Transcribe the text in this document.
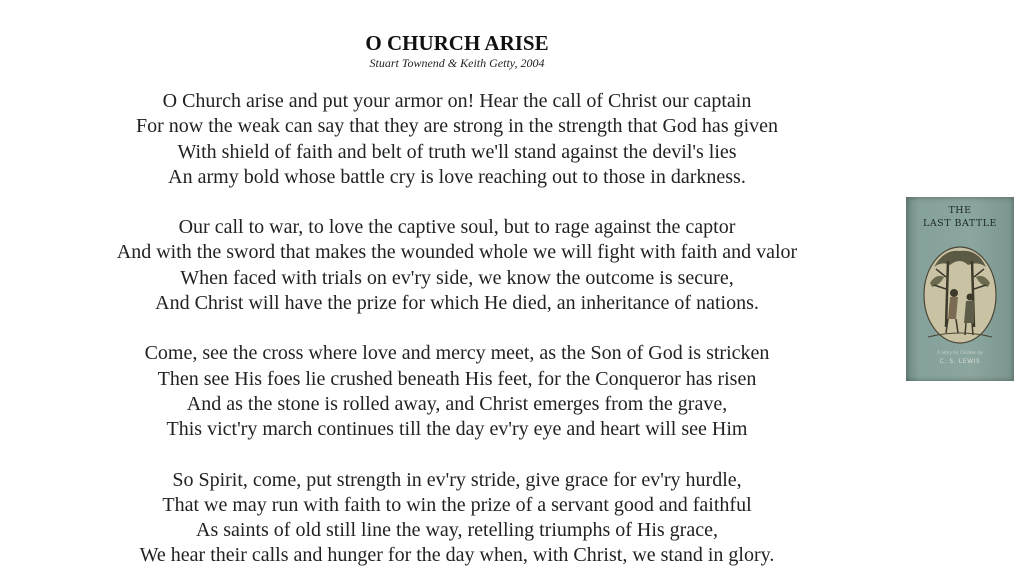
O CHURCH ARISE
Stuart Townend & Keith Getty, 2004
O Church arise and put your armor on! Hear the call of Christ our captain
For now the weak can say that they are strong in the strength that God has given
With shield of faith and belt of truth we'll stand against the devil's lies
An army bold whose battle cry is love reaching out to those in darkness.
Our call to war, to love the captive soul, but to rage against the captor
And with the sword that makes the wounded whole we will fight with faith and valor
When faced with trials on ev'ry side, we know the outcome is secure,
And Christ will have the prize for which He died, an inheritance of nations.
Come, see the cross where love and mercy meet, as the Son of God is stricken
Then see His foes lie crushed beneath His feet, for the Conqueror has risen
And as the stone is rolled away, and Christ emerges from the grave,
This vict'ry march continues till the day ev'ry eye and heart will see Him
So Spirit, come, put strength in ev'ry stride, give grace for ev'ry hurdle,
That we may run with faith to win the prize of a servant good and faithful
As saints of old still line the way, retelling triumphs of His grace,
We hear their calls and hunger for the day when, with Christ, we stand in glory.
THE
LAST BATTLE
A Story for Children by
C. S. LEWIS
